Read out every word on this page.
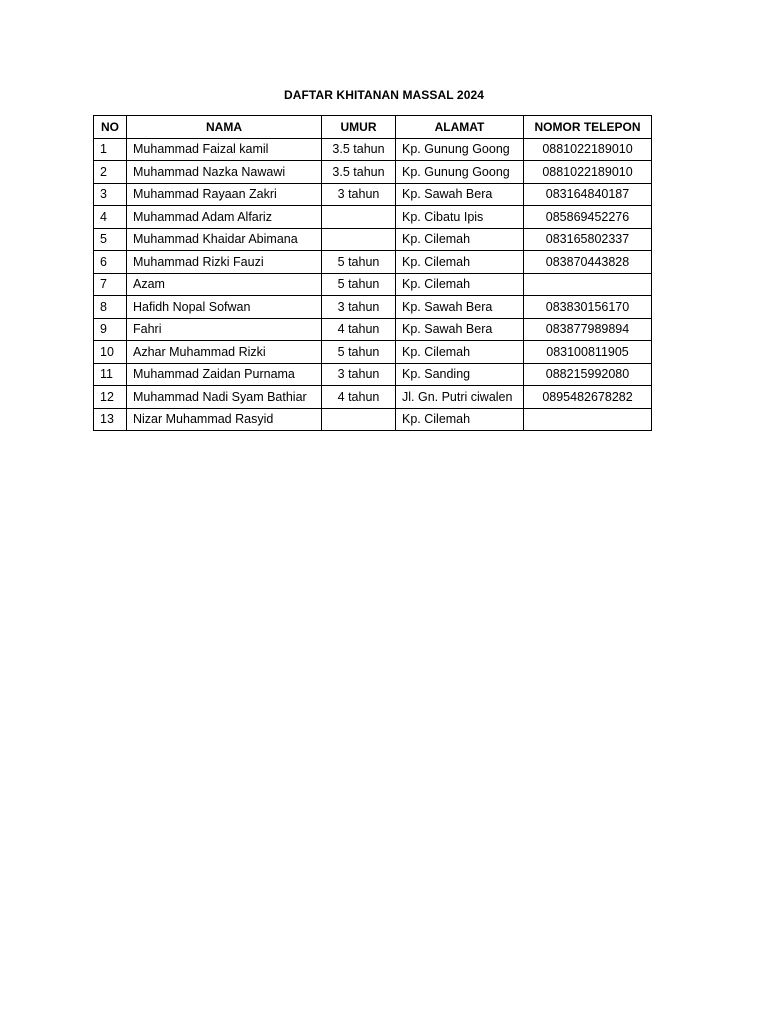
DAFTAR KHITANAN MASSAL 2024
NO	NAMA	UMUR	ALAMAT	NOMOR TELEPON
1	Muhammad Faizal kamil	3.5 tahun	Kp. Gunung Goong	0881022189010
2	Muhammad Nazka Nawawi	3.5 tahun	Kp. Gunung Goong	0881022189010
3	Muhammad Rayaan Zakri	3 tahun	Kp. Sawah Bera	083164840187
4	Muhammad Adam Alfariz		Kp. Cibatu Ipis	085869452276
5	Muhammad Khaidar Abimana		Kp. Cilemah	083165802337
6	Muhammad Rizki Fauzi	5 tahun	Kp. Cilemah	083870443828
7	Azam	5 tahun	Kp. Cilemah	
8	Hafidh Nopal Sofwan	3 tahun	Kp. Sawah Bera	083830156170
9	Fahri	4 tahun	Kp. Sawah Bera	083877989894
10	Azhar Muhammad Rizki	5 tahun	Kp. Cilemah	083100811905
11	Muhammad Zaidan Purnama	3 tahun	Kp. Sanding	088215992080
12	Muhammad Nadi Syam Bathiar	4 tahun	Jl. Gn. Putri ciwalen	0895482678282
13	Nizar Muhammad Rasyid		Kp. Cilemah	
